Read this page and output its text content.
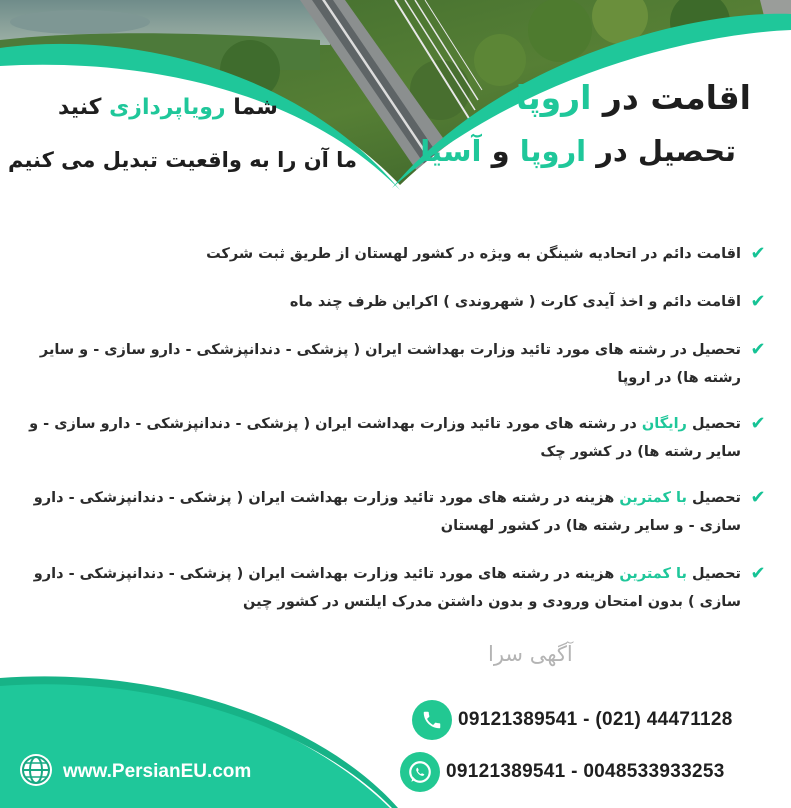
اقامت در اروپا
تحصیل در اروپا و آسیا
شما رویاپردازی کنید
ما آن را به واقعیت تبدیل می کنیم
✔
اقامت دائم در اتحادیه شینگن به ویژه در کشور لهستان از طریق ثبت شرکت
✔
اقامت دائم و اخذ آیدی کارت ( شهروندی ) اکراین ظرف چند ماه
✔
تحصیل در رشته های مورد تائید وزارت بهداشت ایران ( پزشکی - دندانپزشکی - دارو سازی - و سایر رشته ها) در اروپا
✔
تحصیل رایگان در رشته های مورد تائید وزارت بهداشت ایران ( پزشکی - دندانپزشکی - دارو سازی - و سایر رشته ها) در کشور چک
✔
تحصیل با کمترین هزینه در رشته های مورد تائید وزارت بهداشت ایران ( پزشکی - دندانپزشکی - دارو سازی - و سایر رشته ها) در کشور لهستان
✔
تحصیل با کمترین هزینه در رشته های مورد تائید وزارت بهداشت ایران ( پزشکی - دندانپزشکی - دارو سازی ) بدون امتحان ورودی و بدون داشتن مدرک ایلتس در کشور چین
آگهی سرا
09121389541 - (021) 44471128
09121389541 - 0048533933253
www.PersianEU.com
